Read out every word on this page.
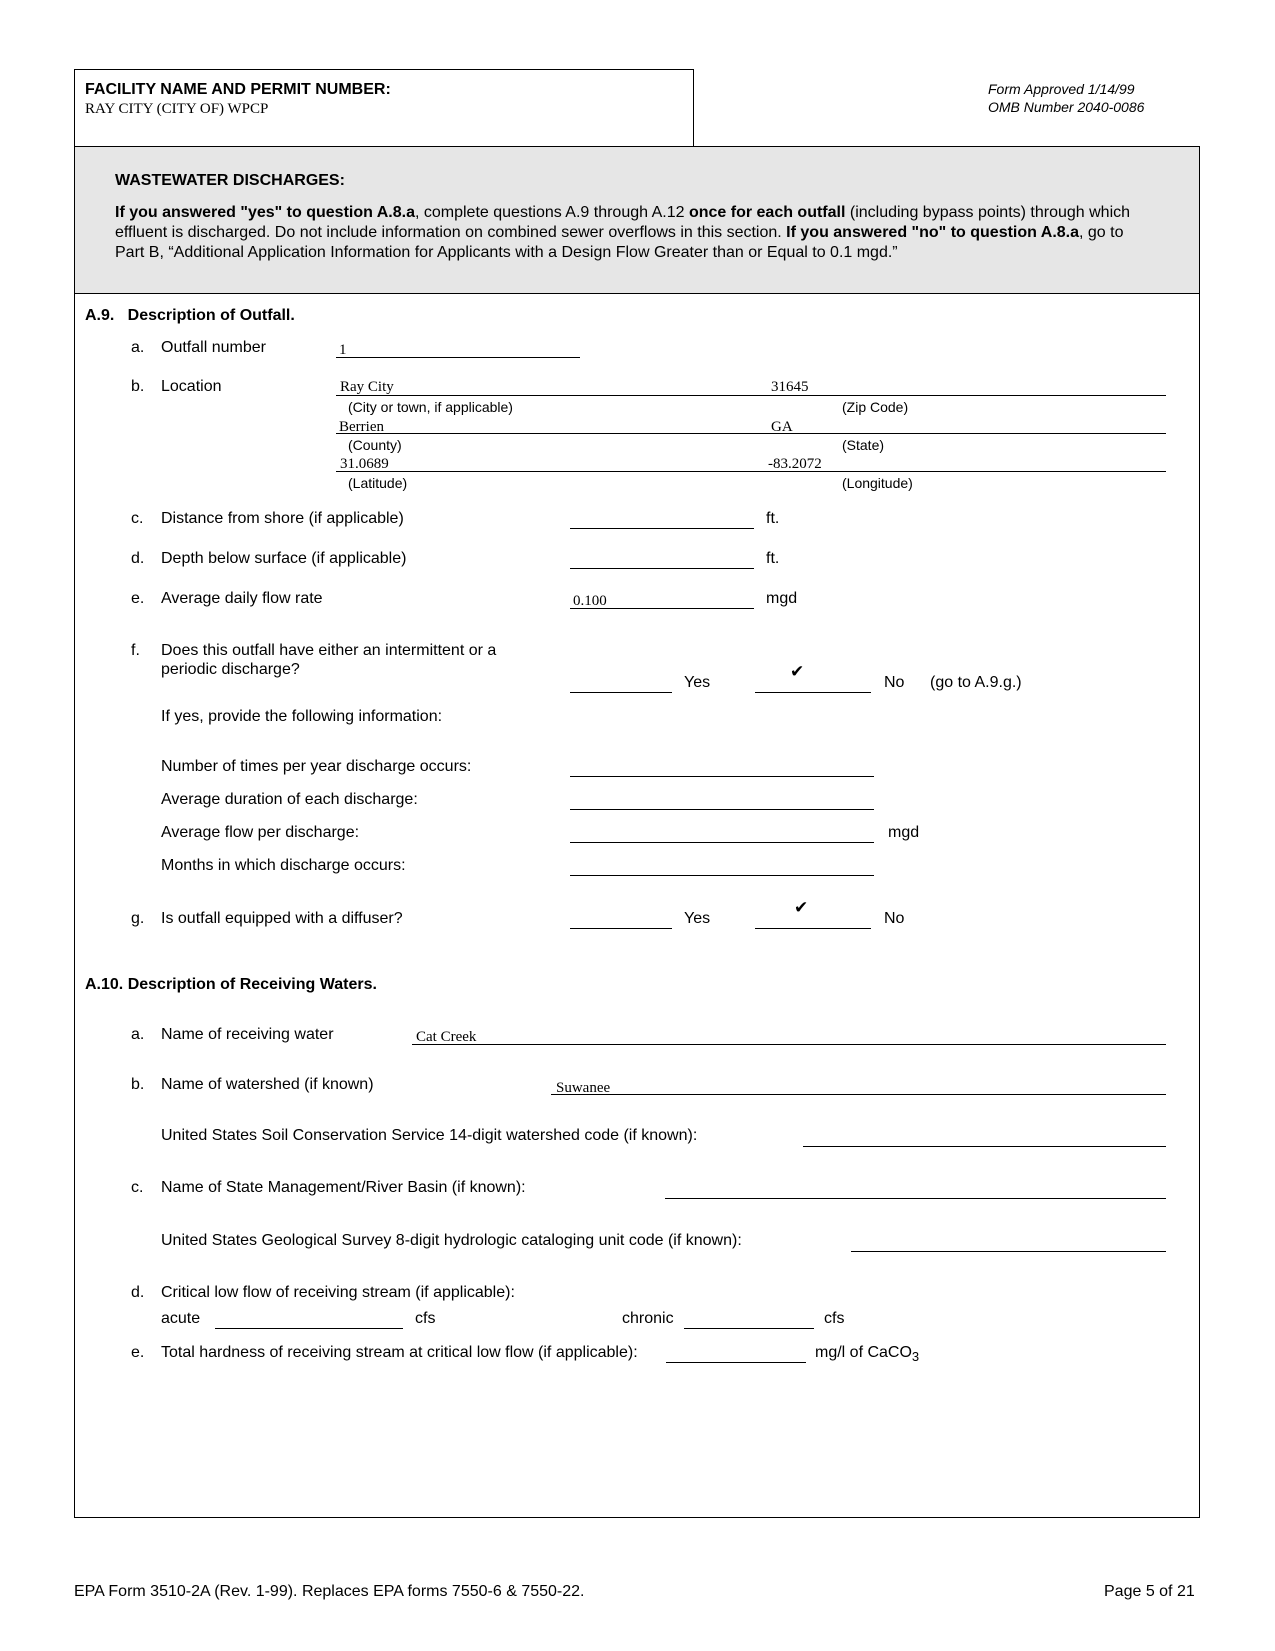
FACILITY NAME AND PERMIT NUMBER:
RAY CITY (CITY OF) WPCP
Form Approved 1/14/99
OMB Number 2040-0086
WASTEWATER DISCHARGES:
If you answered "yes" to question A.8.a, complete questions A.9 through A.12 once for each outfall (including bypass points) through which effluent is discharged. Do not include information on combined sewer overflows in this section. If you answered "no" to question A.8.a, go to Part B, “Additional Application Information for Applicants with a Design Flow Greater than or Equal to 0.1 mgd.”
A.9.   Description of Outfall.
a. Outfall number	1
b. Location	Ray City	31645
(City or town, if applicable)	(Zip Code)
Berrien	GA
(County)	(State)
31.0689	-83.2072
(Latitude)	(Longitude)
c. Distance from shore (if applicable)	ft.
d. Depth below surface (if applicable)	ft.
e. Average daily flow rate	0.100	mgd
f. Does this outfall have either an intermittent or a
periodic discharge?
Yes
✔
No (go to A.9.g.)
If yes, provide the following information:
Number of times per year discharge occurs:
Average duration of each discharge:
Average flow per discharge:	mgd
Months in which discharge occurs:
g. Is outfall equipped with a diffuser?	Yes
✔
No
A.10. Description of Receiving Waters.
a. Name of receiving water	Cat Creek
b. Name of watershed (if known)	Suwanee
United States Soil Conservation Service 14-digit watershed code (if known):
c. Name of State Management/River Basin (if known):
United States Geological Survey 8-digit hydrologic cataloging unit code (if known):
d. Critical low flow of receiving stream (if applicable):
acute	cfs	chronic	cfs
e. Total hardness of receiving stream at critical low flow (if applicable):	mg/l of CaCO$_3$
EPA Form 3510-2A (Rev. 1-99). Replaces EPA forms 7550-6 & 7550-22.	Page 5 of 21
